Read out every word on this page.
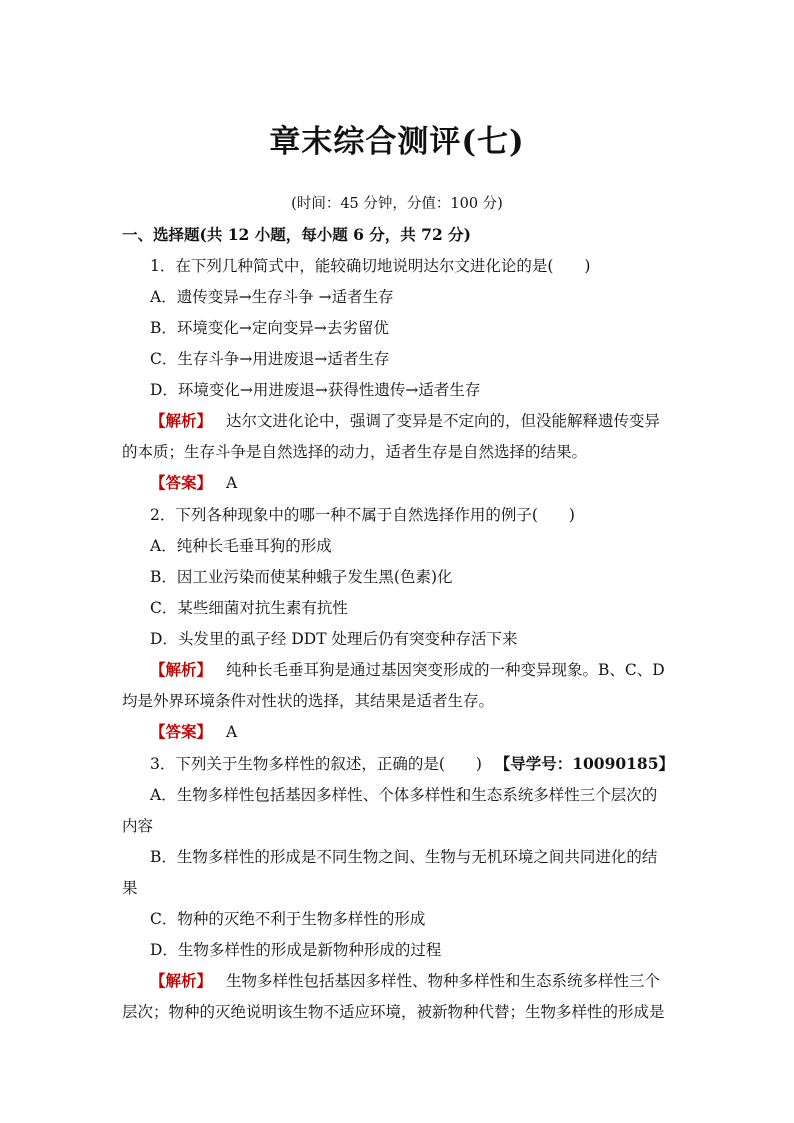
章末综合测评(七)
(时间：45 分钟，分值：100 分)
一、选择题(共 12 小题，每小题 6 分，共 72 分)
1．在下列几种简式中，能较确切地说明达尔文进化论的是(　　)
A．遗传变异→生存斗争 →适者生存
B．环境变化→定向变异→去劣留优
C．生存斗争→用进废退→适者生存
D．环境变化→用进废退→获得性遗传→适者生存
【解析】 达尔文进化论中，强调了变异是不定向的，但没能解释遗传变异
的本质；生存斗争是自然选择的动力，适者生存是自然选择的结果。
【答案】 A
2．下列各种现象中的哪一种不属于自然选择作用的例子(　　)
A．纯种长毛垂耳狗的形成
B．因工业污染而使某种蛾子发生黑(色素)化
C．某些细菌对抗生素有抗性
D．头发里的虱子经 DDT 处理后仍有突变种存活下来
【解析】 纯种长毛垂耳狗是通过基因突变形成的一种变异现象。B、C、D
均是外界环境条件对性状的选择，其结果是适者生存。
【答案】 A
3．下列关于生物多样性的叙述，正确的是(　　) 【导学号：10090185】
A．生物多样性包括基因多样性、个体多样性和生态系统多样性三个层次的
内容
B．生物多样性的形成是不同生物之间、生物与无机环境之间共同进化的结
果
C．物种的灭绝不利于生物多样性的形成
D．生物多样性的形成是新物种形成的过程
【解析】 生物多样性包括基因多样性、物种多样性和生态系统多样性三个
层次；物种的灭绝说明该生物不适应环境，被新物种代替；生物多样性的形成是
